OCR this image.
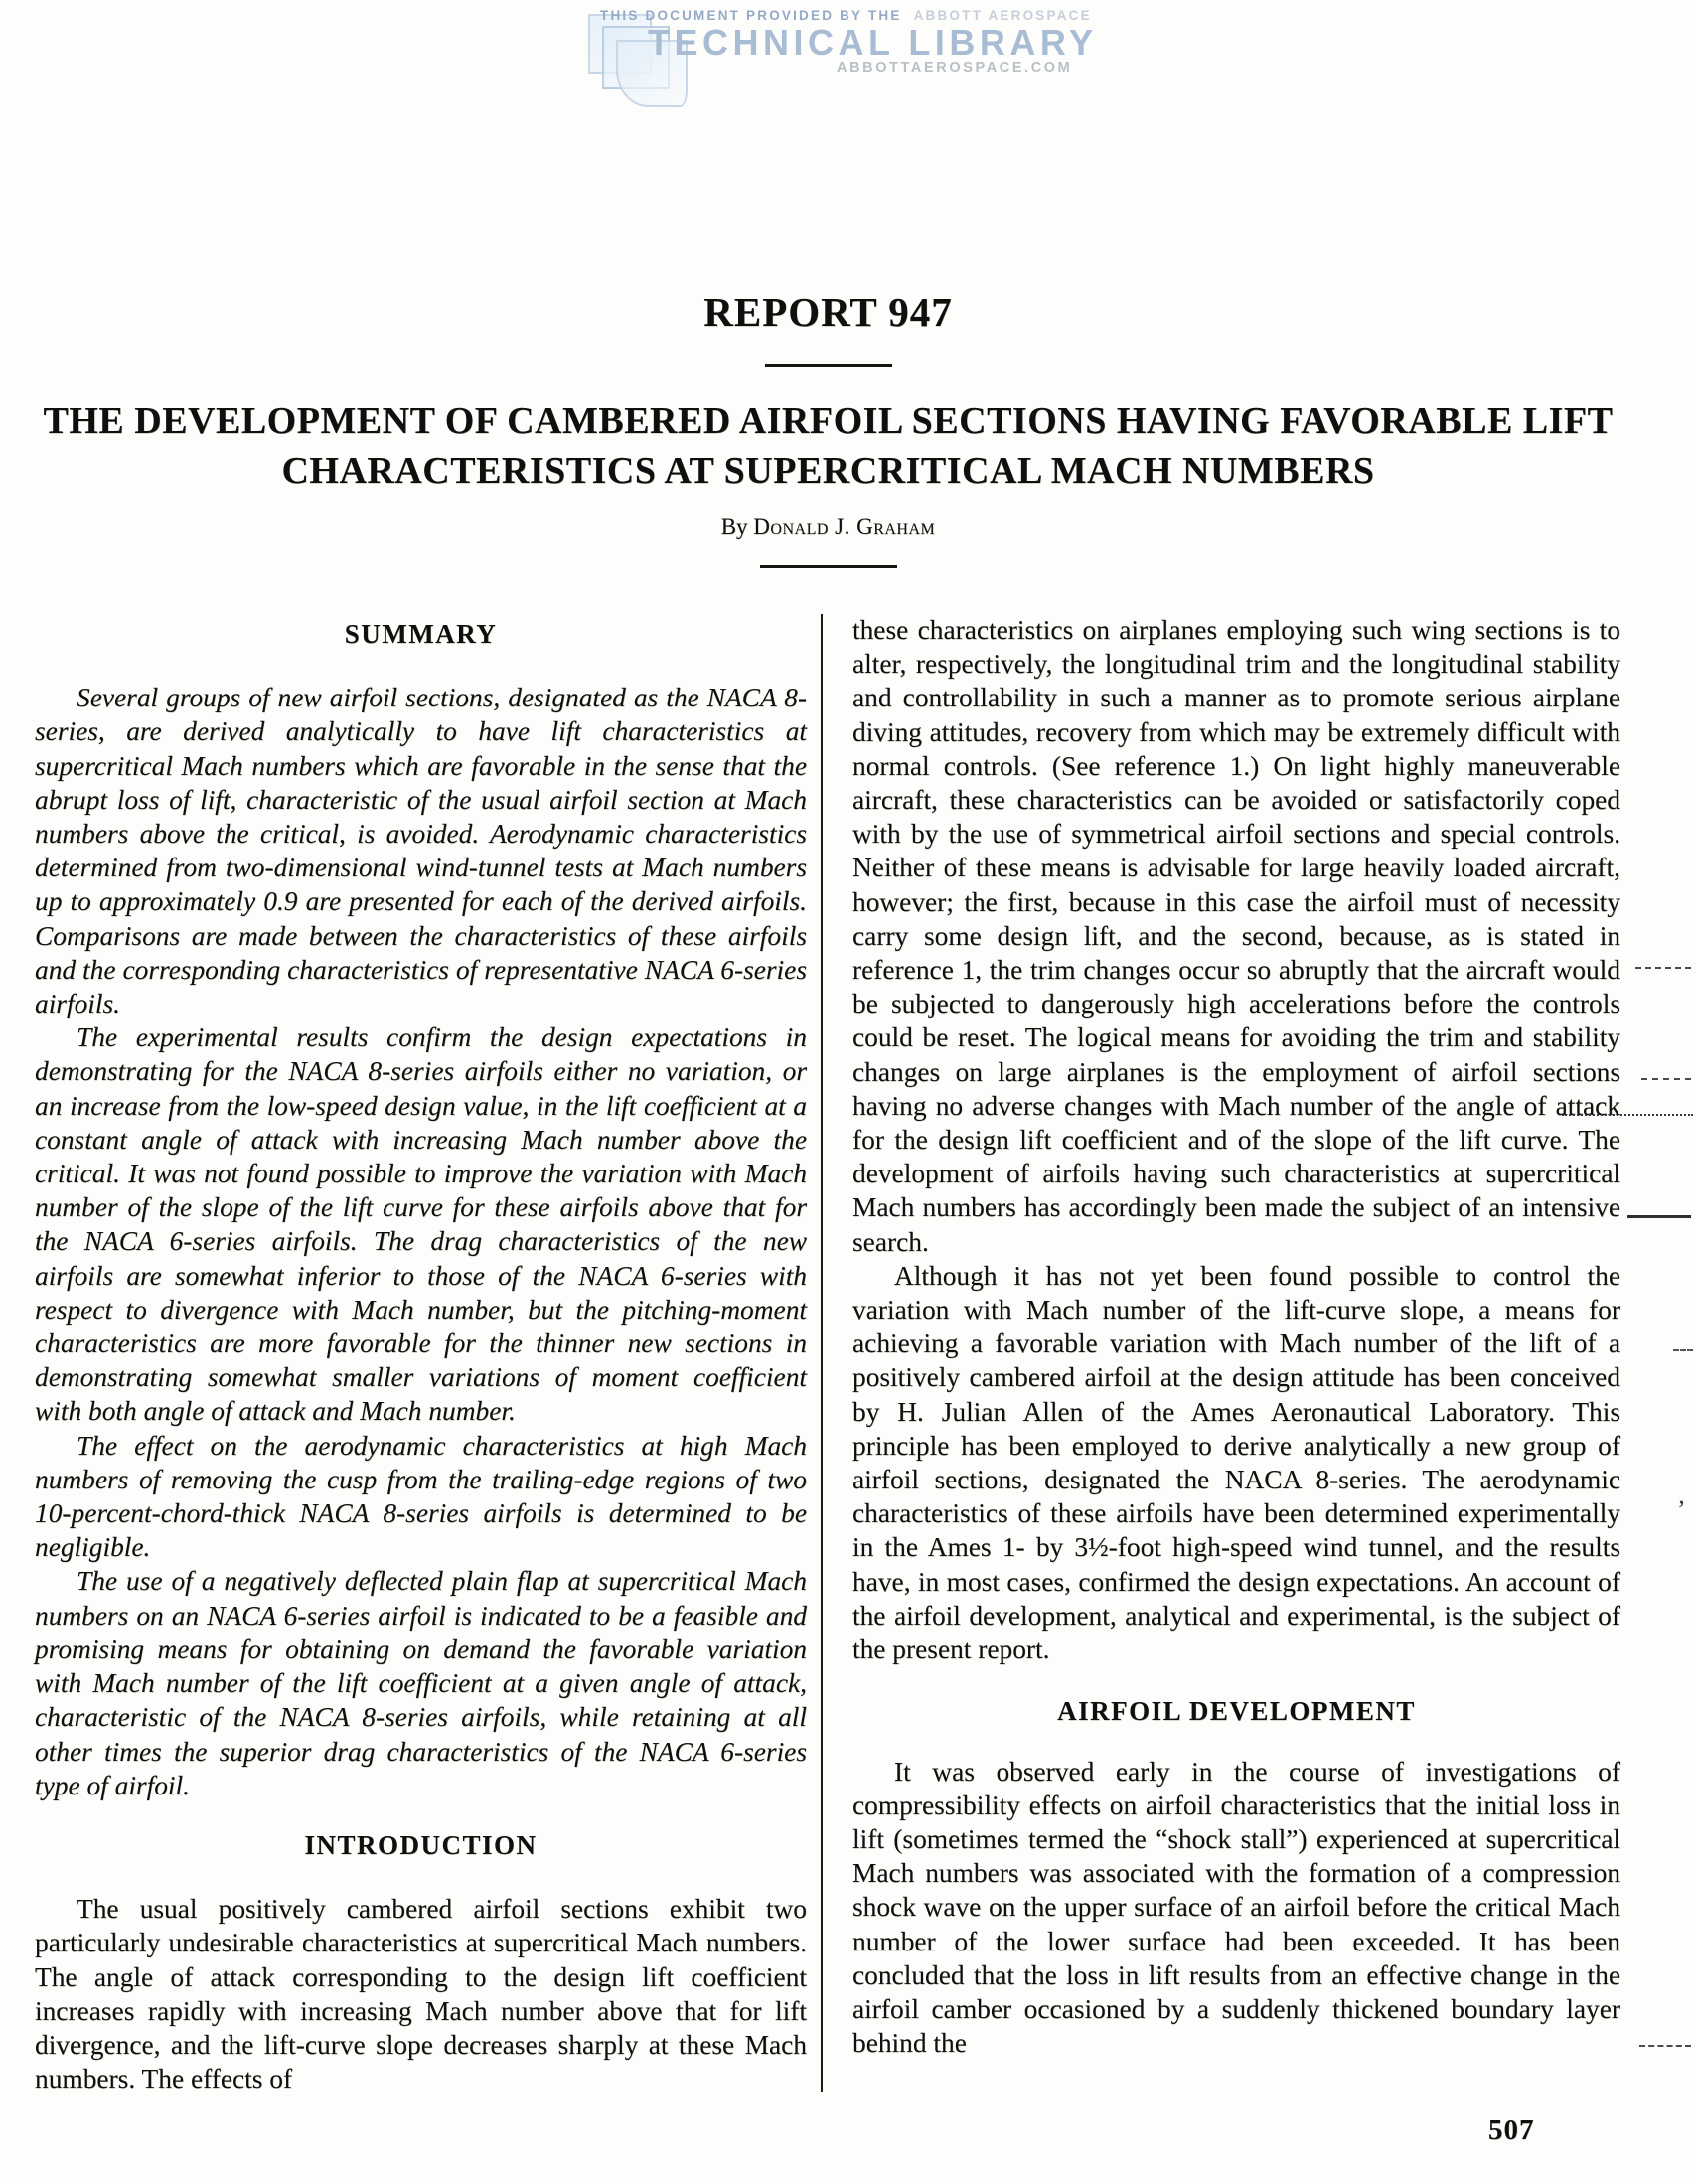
THIS DOCUMENT PROVIDED BY THE ABBOTT AEROSPACE
TECHNICAL LIBRARY
ABBOTTAEROSPACE.COM
REPORT 947
THE DEVELOPMENT OF CAMBERED AIRFOIL SECTIONS HAVING FAVORABLE LIFT
CHARACTERISTICS AT SUPERCRITICAL MACH NUMBERS
By Donald J. Graham
SUMMARY

Several groups of new airfoil sections, designated as the NACA 8-series, are derived analytically to have lift characteristics at supercritical Mach numbers which are favorable in the sense that the abrupt loss of lift, characteristic of the usual airfoil section at Mach numbers above the critical, is avoided. Aerodynamic characteristics determined from two-dimensional wind-tunnel tests at Mach numbers up to approximately 0.9 are presented for each of the derived airfoils. Comparisons are made between the characteristics of these airfoils and the corresponding characteristics of representative NACA 6-series airfoils.

The experimental results confirm the design expectations in demonstrating for the NACA 8-series airfoils either no variation, or an increase from the low-speed design value, in the lift coefficient at a constant angle of attack with increasing Mach number above the critical. It was not found possible to improve the variation with Mach number of the slope of the lift curve for these airfoils above that for the NACA 6-series airfoils. The drag characteristics of the new airfoils are somewhat inferior to those of the NACA 6-series with respect to divergence with Mach number, but the pitching-moment characteristics are more favorable for the thinner new sections in demonstrating somewhat smaller variations of moment coefficient with both angle of attack and Mach number.

The effect on the aerodynamic characteristics at high Mach numbers of removing the cusp from the trailing-edge regions of two 10-percent-chord-thick NACA 8-series airfoils is determined to be negligible.

The use of a negatively deflected plain flap at supercritical Mach numbers on an NACA 6-series airfoil is indicated to be a feasible and promising means for obtaining on demand the favorable variation with Mach number of the lift coefficient at a given angle of attack, characteristic of the NACA 8-series airfoils, while retaining at all other times the superior drag characteristics of the NACA 6-series type of airfoil.

INTRODUCTION

The usual positively cambered airfoil sections exhibit two particularly undesirable characteristics at supercritical Mach numbers. The angle of attack corresponding to the design lift coefficient increases rapidly with increasing Mach number above that for lift divergence, and the lift-curve slope decreases sharply at these Mach numbers. The effects of

these characteristics on airplanes employing such wing sections is to alter, respectively, the longitudinal trim and the longitudinal stability and controllability in such a manner as to promote serious airplane diving attitudes, recovery from which may be extremely difficult with normal controls. (See reference 1.) On light highly maneuverable aircraft, these characteristics can be avoided or satisfactorily coped with by the use of symmetrical airfoil sections and special controls. Neither of these means is advisable for large heavily loaded aircraft, however; the first, because in this case the airfoil must of necessity carry some design lift, and the second, because, as is stated in reference 1, the trim changes occur so abruptly that the aircraft would be subjected to dangerously high accelerations before the controls could be reset. The logical means for avoiding the trim and stability changes on large airplanes is the employment of airfoil sections having no adverse changes with Mach number of the angle of attack for the design lift coefficient and of the slope of the lift curve. The development of airfoils having such characteristics at supercritical Mach numbers has accordingly been made the subject of an intensive search.

Although it has not yet been found possible to control the variation with Mach number of the lift-curve slope, a means for achieving a favorable variation with Mach number of the lift of a positively cambered airfoil at the design attitude has been conceived by H. Julian Allen of the Ames Aeronautical Laboratory. This principle has been employed to derive analytically a new group of airfoil sections, designated the NACA 8-series. The aerodynamic characteristics of these airfoils have been determined experimentally in the Ames 1- by 3½-foot high-speed wind tunnel, and the results have, in most cases, confirmed the design expectations. An account of the airfoil development, analytical and experimental, is the subject of the present report.

AIRFOIL DEVELOPMENT

It was observed early in the course of investigations of compressibility effects on airfoil characteristics that the initial loss in lift (sometimes termed the “shock stall”) experienced at supercritical Mach numbers was associated with the formation of a compression shock wave on the upper surface of an airfoil before the critical Mach number of the lower surface had been exceeded. It has been concluded that the loss in lift results from an effective change in the airfoil camber occasioned by a suddenly thickened boundary layer behind the

’
507
